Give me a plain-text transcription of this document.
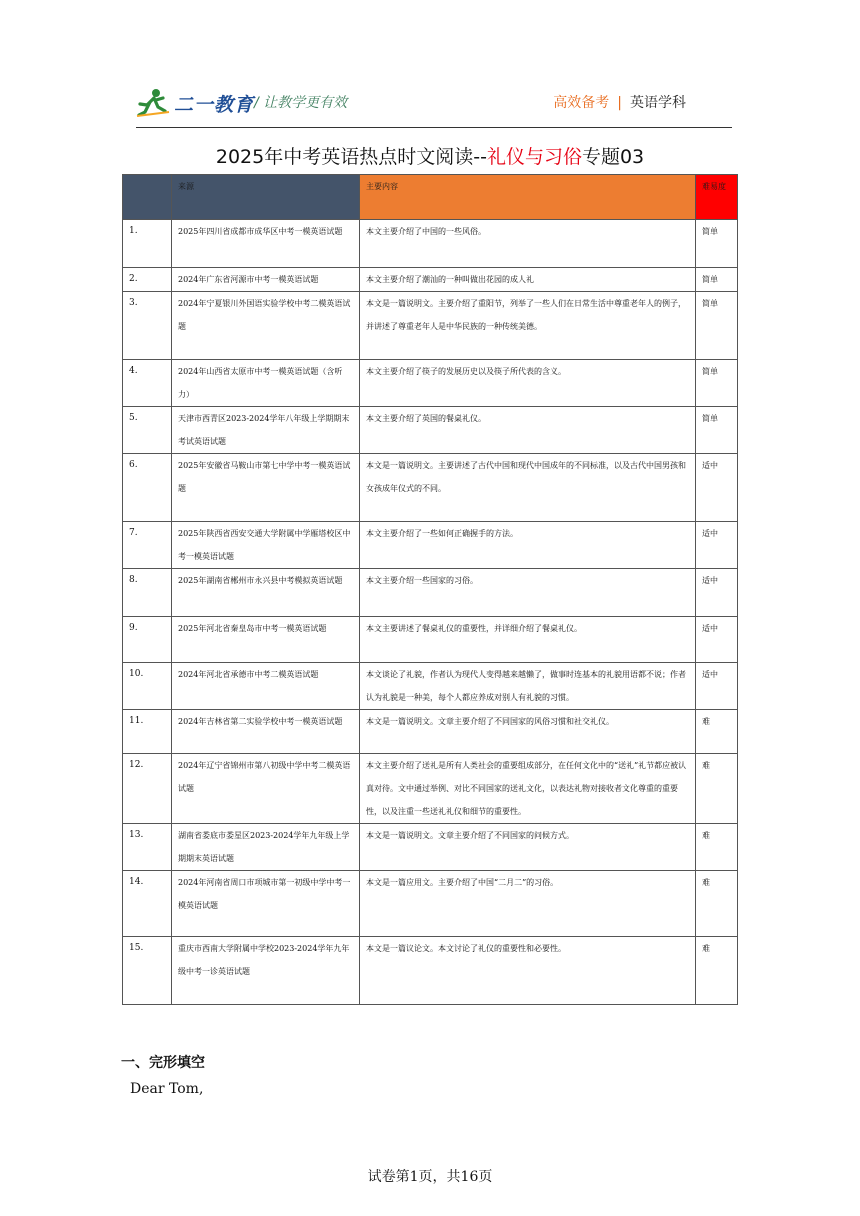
二一教育 / 让教学更有效	高效备考 | 英语学科
2025年中考英语热点时文阅读--礼仪与习俗专题03
	来源	主要内容	难易度
1.	2025年四川省成都市成华区中考一模英语试题	本文主要介绍了中国的一些风俗。	简单
2.	2024年广东省河源市中考一模英语试题	本文主要介绍了潮汕的一种叫做出花园的成人礼	简单
3.	2024年宁夏银川外国语实验学校中考二模英语试题	本文是一篇说明文。主要介绍了重阳节，列举了一些人们在日常生活中尊重老年人的例子，并讲述了尊重老年人是中华民族的一种传统美德。	简单
4.	2024年山西省太原市中考一模英语试题（含听力）	本文主要介绍了筷子的发展历史以及筷子所代表的含义。	简单
5.	天津市西青区2023-2024学年八年级上学期期末考试英语试题	本文主要介绍了英国的餐桌礼仪。	简单
6.	2025年安徽省马鞍山市第七中学中考一模英语试题	本文是一篇说明文。主要讲述了古代中国和现代中国成年的不同标准，以及古代中国男孩和女孩成年仪式的不同。	适中
7.	2025年陕西省西安交通大学附属中学雁塔校区中考一模英语试题	本文主要介绍了一些如何正确握手的方法。	适中
8.	2025年湖南省郴州市永兴县中考模拟英语试题	本文主要介绍一些国家的习俗。	适中
9.	2025年河北省秦皇岛市中考一模英语试题	本文主要讲述了餐桌礼仪的重要性，并详细介绍了餐桌礼仪。	适中
10.	2024年河北省承德市中考二模英语试题	本文谈论了礼貌，作者认为现代人变得越来越懒了，做事时连基本的礼貌用语都不说；作者认为礼貌是一种美，每个人都应养成对别人有礼貌的习惯。	适中
11.	2024年吉林省第二实验学校中考一模英语试题	本文是一篇说明文。文章主要介绍了不同国家的风俗习惯和社交礼仪。	难
12.	2024年辽宁省锦州市第八初级中学中考二模英语试题	本文主要介绍了送礼是所有人类社会的重要组成部分，在任何文化中的“送礼”礼节都应被认真对待。文中通过举例、对比不同国家的送礼文化，以表达礼物对接收者文化尊重的重要性，以及注重一些送礼礼仪和细节的重要性。	难
13.	湖南省娄底市娄星区2023-2024学年九年级上学期期末英语试题	本文是一篇说明文。文章主要介绍了不同国家的问候方式。	难
14.	2024年河南省周口市项城市第一初级中学中考一模英语试题	本文是一篇应用文。主要介绍了中国“二月二”的习俗。	难
15.	重庆市西南大学附属中学校2023-2024学年九年级中考一诊英语试题	本文是一篇议论文。本文讨论了礼仪的重要性和必要性。	难
一、完形填空
Dear Tom,
试卷第1页，共16页
